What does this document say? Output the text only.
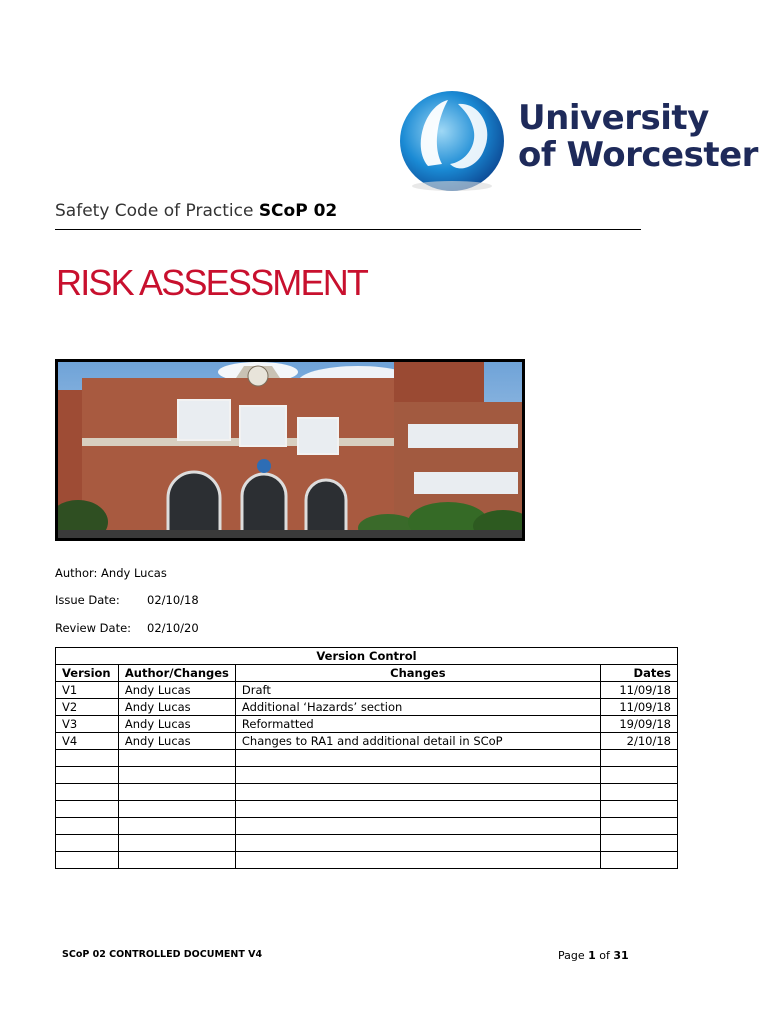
University
of Worcester
Safety Code of Practice SCoP 02
RISK ASSESSMENT
Author: Andy Lucas
Issue Date: 02/10/18
Review Date: 02/10/20
Version Control			
Version	Author/Changes	Changes	Dates
V1	Andy Lucas	Draft	11/09/18
V2	Andy Lucas	Additional ‘Hazards’ section	11/09/18
V3	Andy Lucas	Reformatted	19/09/18
V4	Andy Lucas	Changes to RA1 and additional detail in SCoP	2/10/18

SCoP 02 CONTROLLED DOCUMENT V4	Page 1 of 31
